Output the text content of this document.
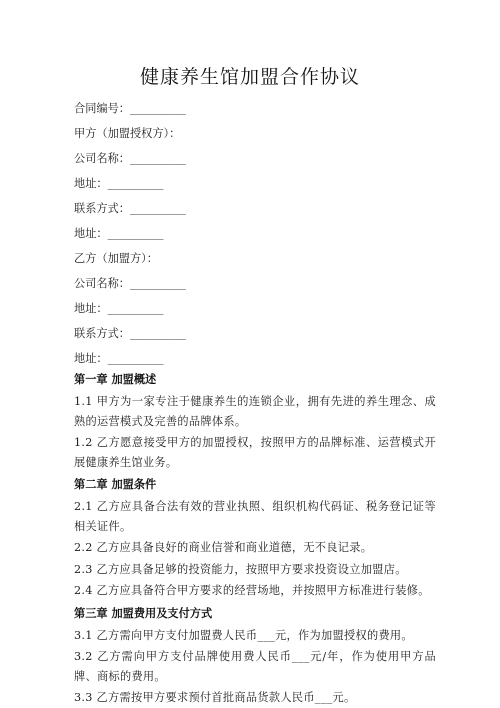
健康养生馆加盟合作协议
合同编号：__________
甲方（加盟授权方）：
公司名称：__________
地址：__________
联系方式：__________
地址：__________
乙方（加盟方）：
公司名称：__________
地址：__________
联系方式：__________
地址：__________
第一章 加盟概述
1.1 甲方为一家专注于健康养生的连锁企业，拥有先进的养生理念、成熟的运营模式及完善的品牌体系。
1.2 乙方愿意接受甲方的加盟授权，按照甲方的品牌标准、运营模式开展健康养生馆业务。
第二章 加盟条件
2.1 乙方应具备合法有效的营业执照、组织机构代码证、税务登记证等相关证件。
2.2 乙方应具备良好的商业信誉和商业道德，无不良记录。
2.3 乙方应具备足够的投资能力，按照甲方要求投资设立加盟店。
2.4 乙方应具备符合甲方要求的经营场地，并按照甲方标准进行装修。
第三章 加盟费用及支付方式
3.1 乙方需向甲方支付加盟费人民币___元，作为加盟授权的费用。
3.2 乙方需向甲方支付品牌使用费人民币___元/年，作为使用甲方品牌、商标的费用。
3.3 乙方需按甲方要求预付首批商品货款人民币___元。
